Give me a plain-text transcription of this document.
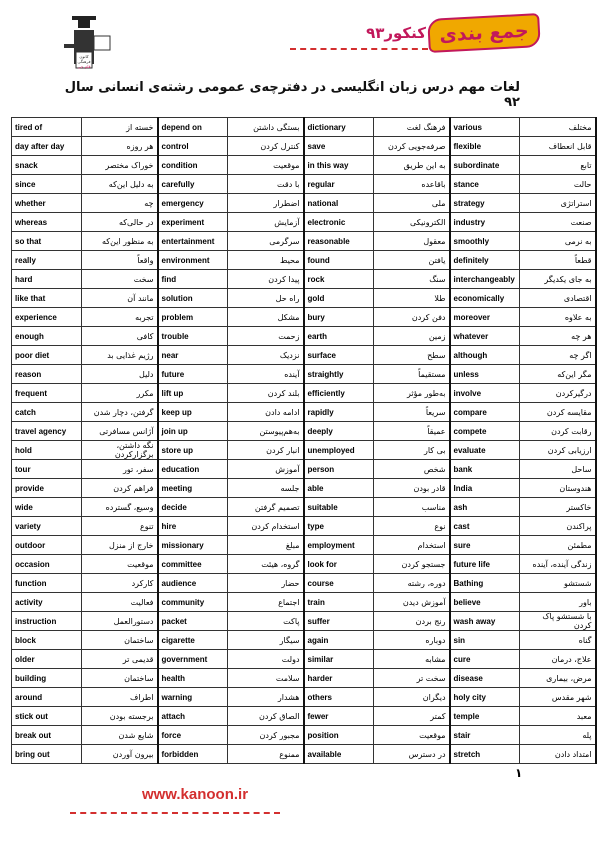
کانون
فرهنگی
قلم چی
کنکور۹۳ جمع بندی
لغات مهم درس زبان انگلیسی در دفترچه‌ی عمومی رشته‌ی انسانی سال ۹۲
tired of	خسته از	depend on	بستگی داشتن	dictionary	فرهنگ لغت	various	مختلف
day after day	هر روزه	control	کنترل کردن	save	صرفه‌جویی کردن	flexible	قابل انعطاف
snack	خوراک مختصر	condition	موقعیت	in this way	به این طریق	subordinate	تابع
since	به دلیل این‌که	carefully	با دقت	regular	باقاعده	stance	حالت
whether	چه	emergency	اضطرار	national	ملی	strategy	استراتژی
whereas	در حالی‌که	experiment	آزمایش	electronic	الکترونیکی	industry	صنعت
so that	به منظور این‌که	entertainment	سرگرمی	reasonable	معقول	smoothly	به نرمی
really	واقعاً	environment	محیط	found	یافتن	definitely	قطعاً
hard	سخت	find	پیدا کردن	rock	سنگ	interchangeably	به جای یکدیگر
like that	مانند آن	solution	راه حل	gold	طلا	economically	اقتصادی
experience	تجربه	problem	مشکل	bury	دفن کردن	moreover	به علاوه
enough	کافی	trouble	زحمت	earth	زمین	whatever	هر چه
poor diet	رژیم غذایی بد	near	نزدیک	surface	سطح	although	اگر چه
reason	دلیل	future	آینده	straightly	مستقیماً	unless	مگر این‌که
frequent	مکرر	lift up	بلند کردن	efficiently	به‌طور مؤثر	involve	درگیرکردن
catch	گرفتن، دچار شدن	keep up	ادامه دادن	rapidly	سریعاً	compare	مقایسه کردن
travel agency	آژانس مسافرتی	join up	به‌هم‌پیوستن	deeply	عمیقاً	compete	رقابت کردن
hold	نگه داشتن، برگزارکردن	store up	انبار کردن	unemployed	بی کار	evaluate	ارزیابی کردن
tour	سفر، تور	education	آموزش	person	شخص	bank	ساحل
provide	فراهم کردن	meeting	جلسه	able	قادر بودن	India	هندوستان
wide	وسیع، گسترده	decide	تصمیم گرفتن	suitable	مناسب	ash	خاکستر
variety	تنوع	hire	استخدام کردن	type	نوع	cast	پراکندن
outdoor	خارج از منزل	missionary	مبلغ	employment	استخدام	sure	مطمئن
occasion	موقعیت	committee	گروه، هیئت	look for	جستجو کردن	future life	زندگی آینده، آینده
function	کارکرد	audience	حضار	course	دوره، رشته	Bathing	شستشو
activity	فعالیت	community	اجتماع	train	آموزش دیدن	believe	باور
instruction	دستورالعمل	packet	پاکت	suffer	رنج بردن	wash away	با شستشو پاک کردن
block	ساختمان	cigarette	سیگار	again	دوباره	sin	گناه
older	قدیمی تر	government	دولت	similar	مشابه	cure	علاج، درمان
building	ساختمان	health	سلامت	harder	سخت تر	disease	مرض، بیماری
around	اطراف	warning	هشدار	others	دیگران	holy city	شهر مقدس
stick out	برجسته بودن	attach	الصاق کردن	fewer	کمتر	temple	معبد
break out	شایع شدن	force	مجبور کردن	position	موقعیت	stair	پله
bring out	بیرون آوردن	forbidden	ممنوع	available	در دسترس	stretch	امتداد دادن
۱
www.kanoon.ir
